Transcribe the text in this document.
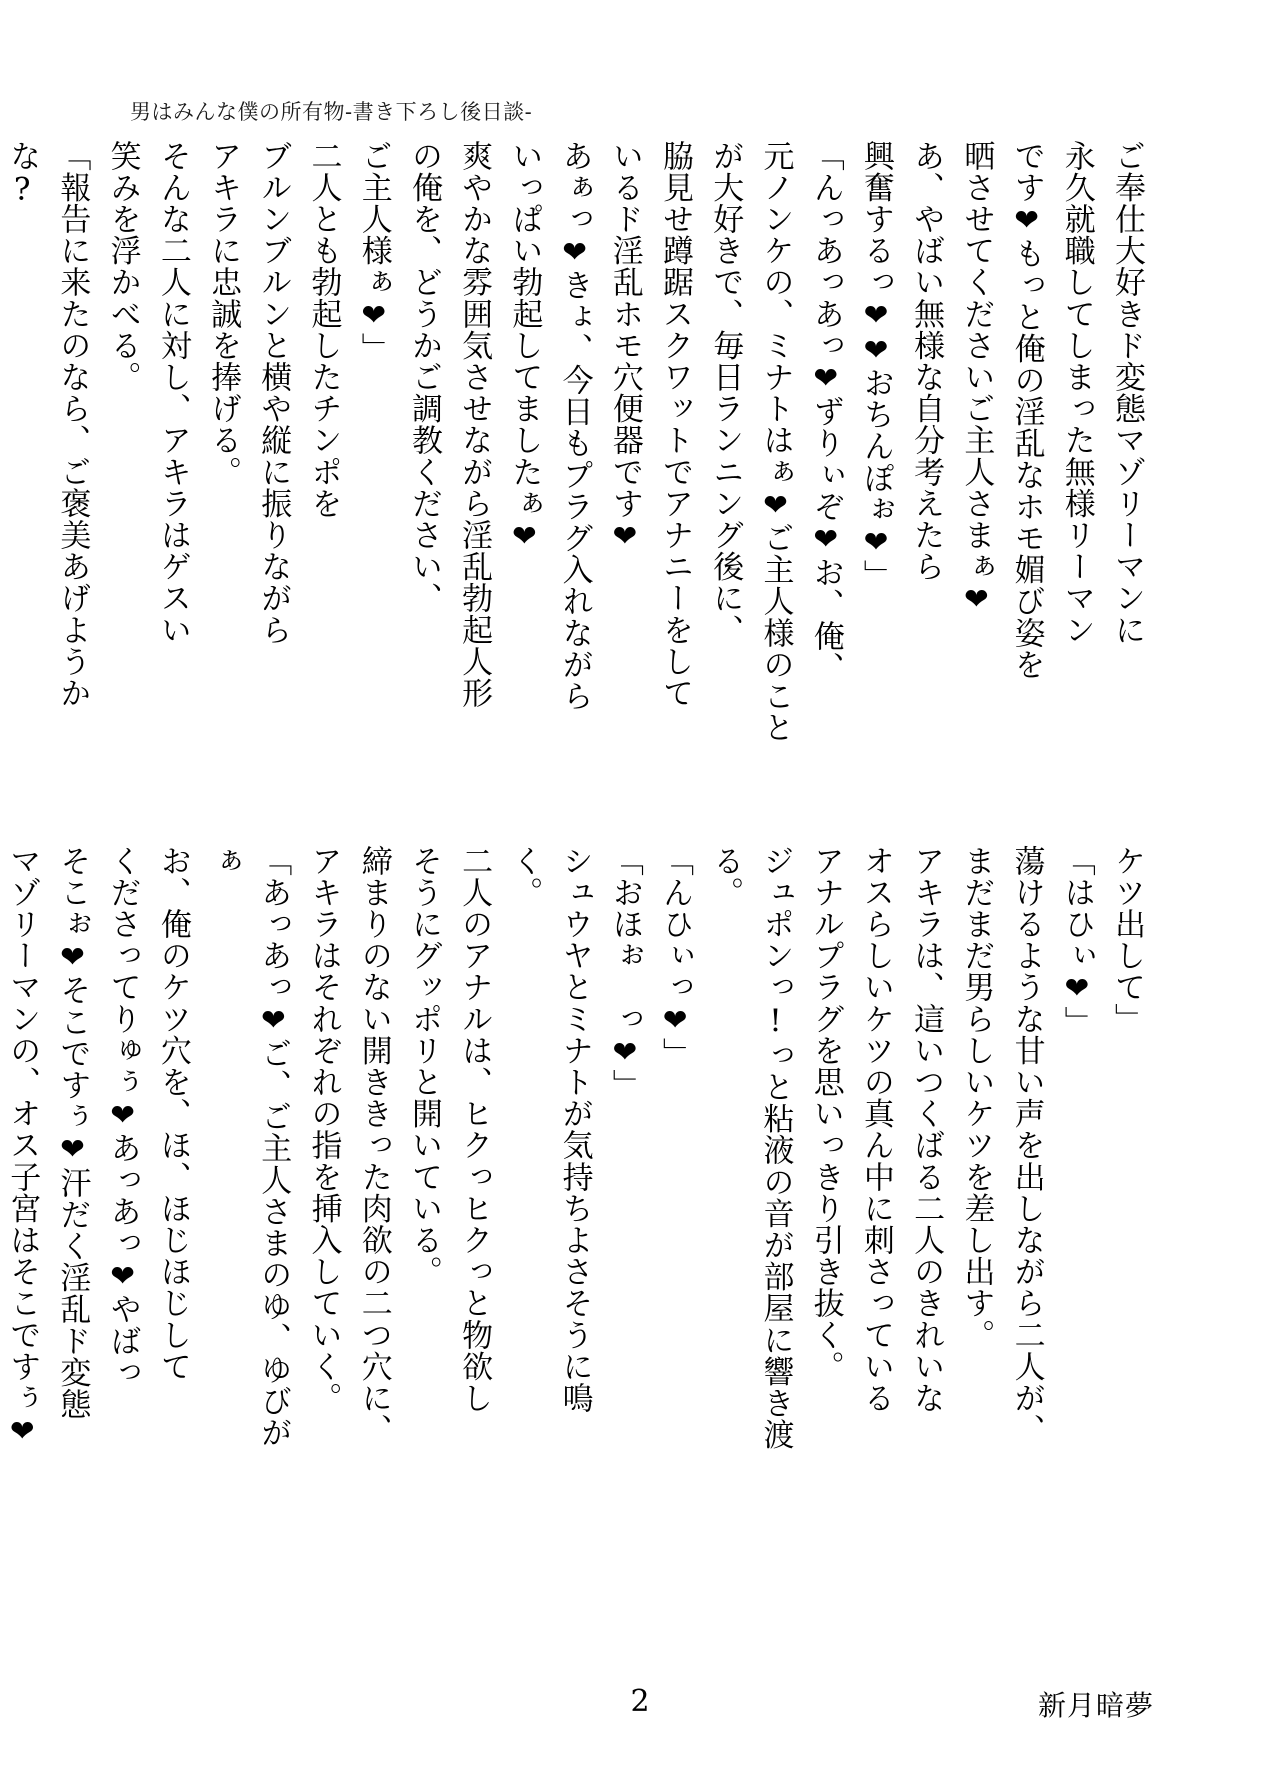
男はみんな僕の所有物-書き下ろし後日談-
ご奉仕大好きド変態マゾリーマンに
永久就職してしまった無様リーマン
です❤もっと俺の淫乱なホモ媚び姿を
晒させてくださいご主人さまぁ❤
あ、やばい無様な自分考えたら
興奮するっ❤❤おちんぽぉ❤」
「んっあっあっ❤ずりぃぞ❤お、俺、
元ノンケの、ミナトはぁ❤ご主人様のこと
が大好きで、毎日ランニング後に、
脇見せ蹲踞スクワットでアナニーをして
いるド淫乱ホモ穴便器です❤
あぁっ❤きょ、今日もプラグ入れながら
いっぱい勃起してましたぁ❤
爽やかな雰囲気させながら淫乱勃起人形
の俺を、どうかご調教ください、
ご主人様ぁ❤」
二人とも勃起したチンポを
ブルンブルンと横や縦に振りながら
アキラに忠誠を捧げる。
そんな二人に対し、アキラはゲスい
笑みを浮かべる。
「報告に来たのなら、ご褒美あげようかな?
ケツ出して」
「はひぃ❤」
蕩けるような甘い声を出しながら二人が、
まだまだ男らしいケツを差し出す。
アキラは、這いつくばる二人のきれいな
オスらしいケツの真ん中に刺さっている
アナルプラグを思いっきり引き抜く。
ジュポンっ!っと粘液の音が部屋に響き渡る。
「んひぃっ❤」
「おほぉ　っ❤」
シュウヤとミナトが気持ちよさそうに鳴く。
二人のアナルは、ヒクっヒクっと物欲し
そうにグッポリと開いている。
締まりのない開ききった肉欲の二つ穴に、
アキラはそれぞれの指を挿入していく。
「あっあっ❤ご、ご主人さまのゆ、ゆびがぁ
お、俺のケツ穴を、ほ、ほじほじして
くださってりゅぅ❤あっあっ❤やばっ
そこぉ❤そこですぅ❤汗だく淫乱ド変態
マゾリーマンの、オス子宮はそこですぅ❤
2	新月暗夢
